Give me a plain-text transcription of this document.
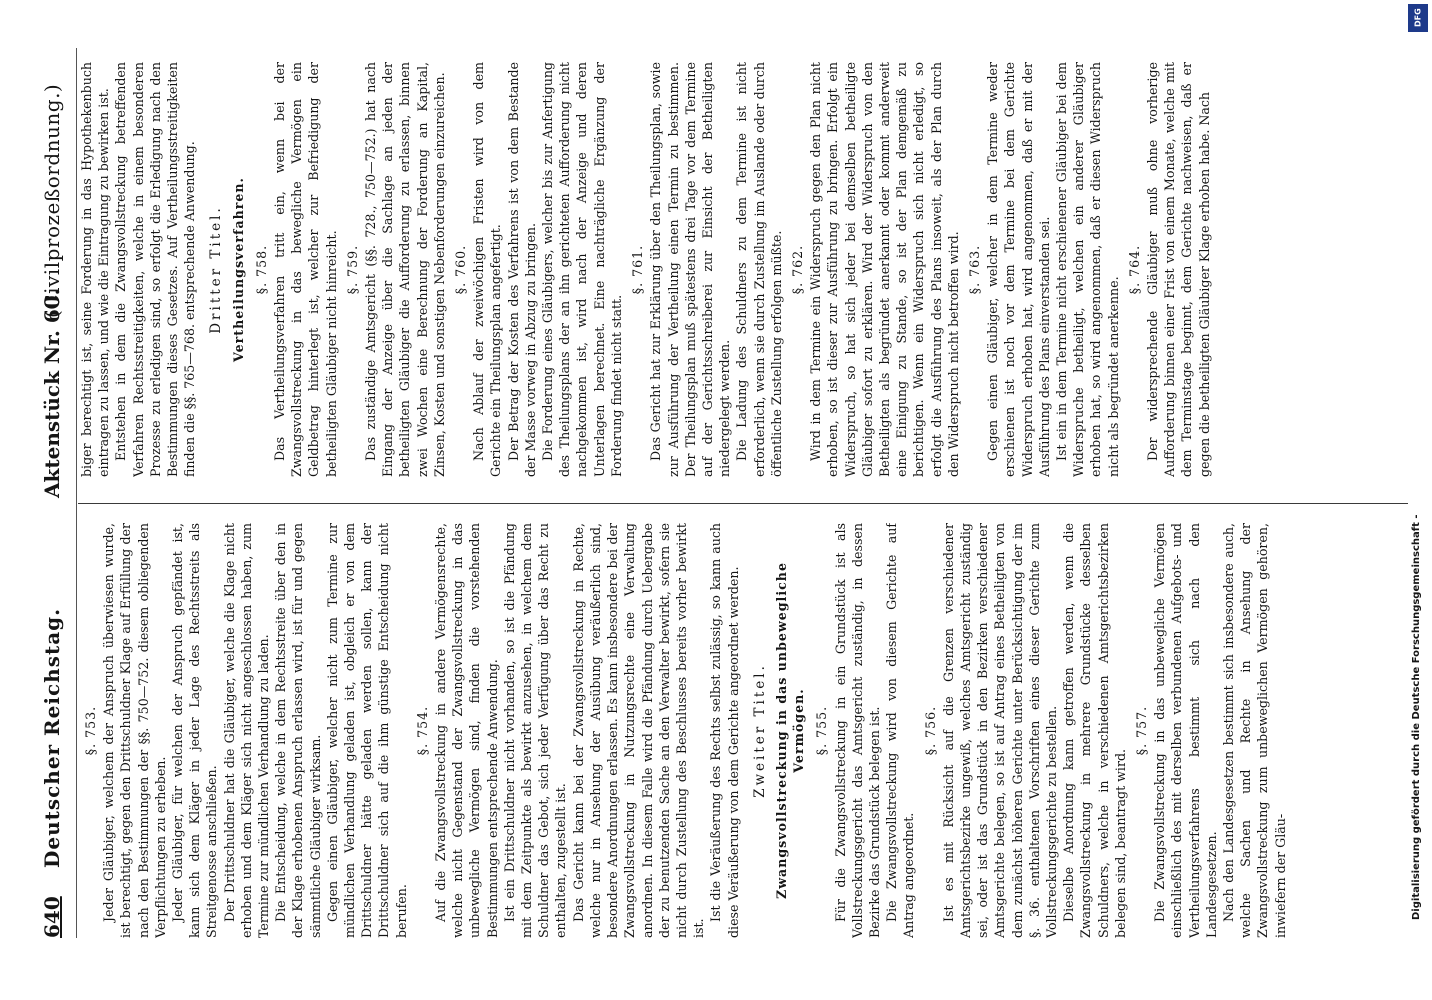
640
Deutscher Reichstag.
Aktenstück Nr. 60.
(Civilprozeßordnung.)
§. 753. Jeder Gläubiger, welchem der Anspruch überwiesen wurde, ist berechtigt, gegen den Drittschuldner Klage auf Erfüllung der nach den Bestimmungen der §§. 750—752. diesem obliegenden Verpflichtungen zu erheben. Jeder Gläubiger, für welchen der Anspruch gepfändet ist, kann sich dem Kläger in jeder Lage des Rechtsstreits als Streitgenosse anschließen. Der Drittschuldner hat die Gläubiger, welche die Klage nicht erhoben und dem Kläger sich nicht angeschlossen haben, zum Termine zur mündlichen Verhandlung zu laden. Die Entscheidung, welche in dem Rechtsstreite über den in der Klage erhobenen Anspruch erlassen wird, ist für und gegen sämmtliche Gläubiger wirksam. Gegen einen Gläubiger, welcher nicht zum Termine zur mündlichen Verhandlung geladen ist, obgleich er von dem Drittschuldner hätte geladen werden sollen, kann der Drittschuldner sich auf die ihm günstige Entscheidung nicht berufen.

§. 754. Auf die Zwangsvollstreckung in andere Vermögensrechte, welche nicht Gegenstand der Zwangsvollstreckung in das unbewegliche Vermögen sind, finden die vorstehenden Bestimmungen entsprechende Anwendung. Ist ein Drittschuldner nicht vorhanden, so ist die Pfändung mit dem Zeitpunkte als bewirkt anzusehen, in welchem dem Schuldner das Gebot, sich jeder Verfügung über das Recht zu enthalten, zugestellt ist. Das Gericht kann bei der Zwangsvollstreckung in Rechte, welche nur in Ansehung der Ausübung veräußerlich sind, besondere Anordnungen erlassen. Es kann insbesondere bei der Zwangsvollstreckung in Nutzungsrechte eine Verwaltung anordnen. In diesem Falle wird die Pfändung durch Uebergabe der zu benutzenden Sache an den Verwalter bewirkt, sofern sie nicht durch Zustellung des Beschlusses bereits vorher bewirkt ist.

Ist die Veräußerung des Rechts selbst zulässig, so kann auch diese Veräußerung von dem Gerichte angeordnet werden. Zweiter Titel. Zwangsvollstreckung in das unbewegliche Vermögen. §. 755. Für die Zwangsvollstreckung in ein Grundstück ist als Vollstreckungsgericht das Amtsgericht zuständig, in dessen Bezirke das Grundstück belegen ist. Die Zwangsvollstreckung wird von diesem Gerichte auf Antrag angeordnet.

§. 756. Ist es mit Rücksicht auf die Grenzen verschiedener Amtsgerichtsbezirke ungewiß, welches Amtsgericht zuständig sei, oder ist das Grundstück in den Bezirken verschiedener Amtsgerichte belegen, so ist auf Antrag eines Betheiligten von dem zunächst höheren Gerichte unter Berücksichtigung der im §. 36. enthaltenen Vorschriften eines dieser Gerichte zum Vollstreckungsgerichte zu bestellen. Dieselbe Anordnung kann getroffen werden, wenn die Zwangsvollstreckung in mehrere Grundstücke desselben Schuldners, welche in verschiedenen Amtsgerichtsbezirken belegen sind, beantragt wird.

§. 757. Die Zwangsvollstreckung in das unbewegliche Vermögen einschließlich des mit derselben verbundenen Aufgebots- und Vertheilungsverfahrens bestimmt sich nach den Landesgesetzen. Nach den Landesgesetzen bestimmt sich insbesondere auch, welche Sachen und Rechte in Ansehung der Zwangsvollstreckung zum unbeweglichen Vermögen gehören, inwiefern der Gläu-

biger berechtigt ist, seine Forderung in das Hypothekenbuch eintragen zu lassen, und wie die Eintragung zu bewirken ist. Entstehen in dem die Zwangsvollstreckung betreffenden Verfahren Rechtsstreitigkeiten, welche in einem besonderen Prozesse zu erledigen sind, so erfolgt die Erledigung nach den Bestimmungen dieses Gesetzes. Auf Vertheilungsstreitigkeiten finden die §§. 765—768. entsprechende Anwendung. Dritter Titel. Vertheilungsverfahren. §. 758. Das Vertheilungsverfahren tritt ein, wenn bei der Zwangsvollstreckung in das bewegliche Vermögen ein Geldbetrag hinterlegt ist, welcher zur Befriedigung der betheiligten Gläubiger nicht hinreicht. §. 759. Das zuständige Amtsgericht (§§. 728., 750—752.) hat nach Eingang der Anzeige über die Sachlage an jeden der betheiligten Gläubiger die Aufforderung zu erlassen, binnen zwei Wochen eine Berechnung der Forderung an Kapital, Zinsen, Kosten und sonstigen Nebenforderungen einzureichen. §. 760. Nach Ablauf der zweiwöchigen Fristen wird von dem Gerichte ein Theilungsplan angefertigt. Der Betrag der Kosten des Verfahrens ist von dem Bestande der Masse vorweg in Abzug zu bringen. Die Forderung eines Gläubigers, welcher bis zur Anfertigung des Theilungsplans der an ihn gerichteten Aufforderung nicht nachgekommen ist, wird nach der Anzeige und deren Unterlagen berechnet. Eine nachträgliche Ergänzung der Forderung findet nicht statt.

§. 761. Das Gericht hat zur Erklärung über den Theilungsplan, sowie zur Ausführung der Vertheilung einen Termin zu bestimmen. Der Theilungsplan muß spätestens drei Tage vor dem Termine auf der Gerichtsschreiberei zur Einsicht der Betheiligten niedergelegt werden. Die Ladung des Schuldners zu dem Termine ist nicht erforderlich, wenn sie durch Zustellung im Auslande oder durch öffentliche Zustellung erfolgen müßte. §. 762. Wird in dem Termine ein Widerspruch gegen den Plan nicht erhoben, so ist dieser zur Ausführung zu bringen. Erfolgt ein Widerspruch, so hat sich jeder bei demselben betheiligte Gläubiger sofort zu erklären. Wird der Widerspruch von den Betheiligten als begründet anerkannt oder kommt anderweit eine Einigung zu Stande, so ist der Plan demgemäß zu berichtigen. Wenn ein Widerspruch sich nicht erledigt, so erfolgt die Ausführung des Plans insoweit, als der Plan durch den Widerspruch nicht betroffen wird. §. 763. Gegen einen Gläubiger, welcher in dem Termine weder erschienen ist noch vor dem Termine bei dem Gerichte Widerspruch erhoben hat, wird angenommen, daß er mit der Ausführung des Plans einverstanden sei. Ist ein in dem Termine nicht erschienener Gläubiger bei dem Widerspruche betheiligt, welchen ein anderer Gläubiger erhoben hat, so wird angenommen, daß er diesen Widerspruch nicht als begründet anerkenne.

§. 764. Der widersprechende Gläubiger muß ohne vorherige Aufforderung binnen einer Frist von einem Monate, welche mit dem Terminstage beginnt, dem Gerichte nachweisen, daß er gegen die betheiligten Gläubiger Klage erhoben habe. Nach

DFG
Digitalisierung gefördert durch die Deutsche Forschungsgemeinschaft -
